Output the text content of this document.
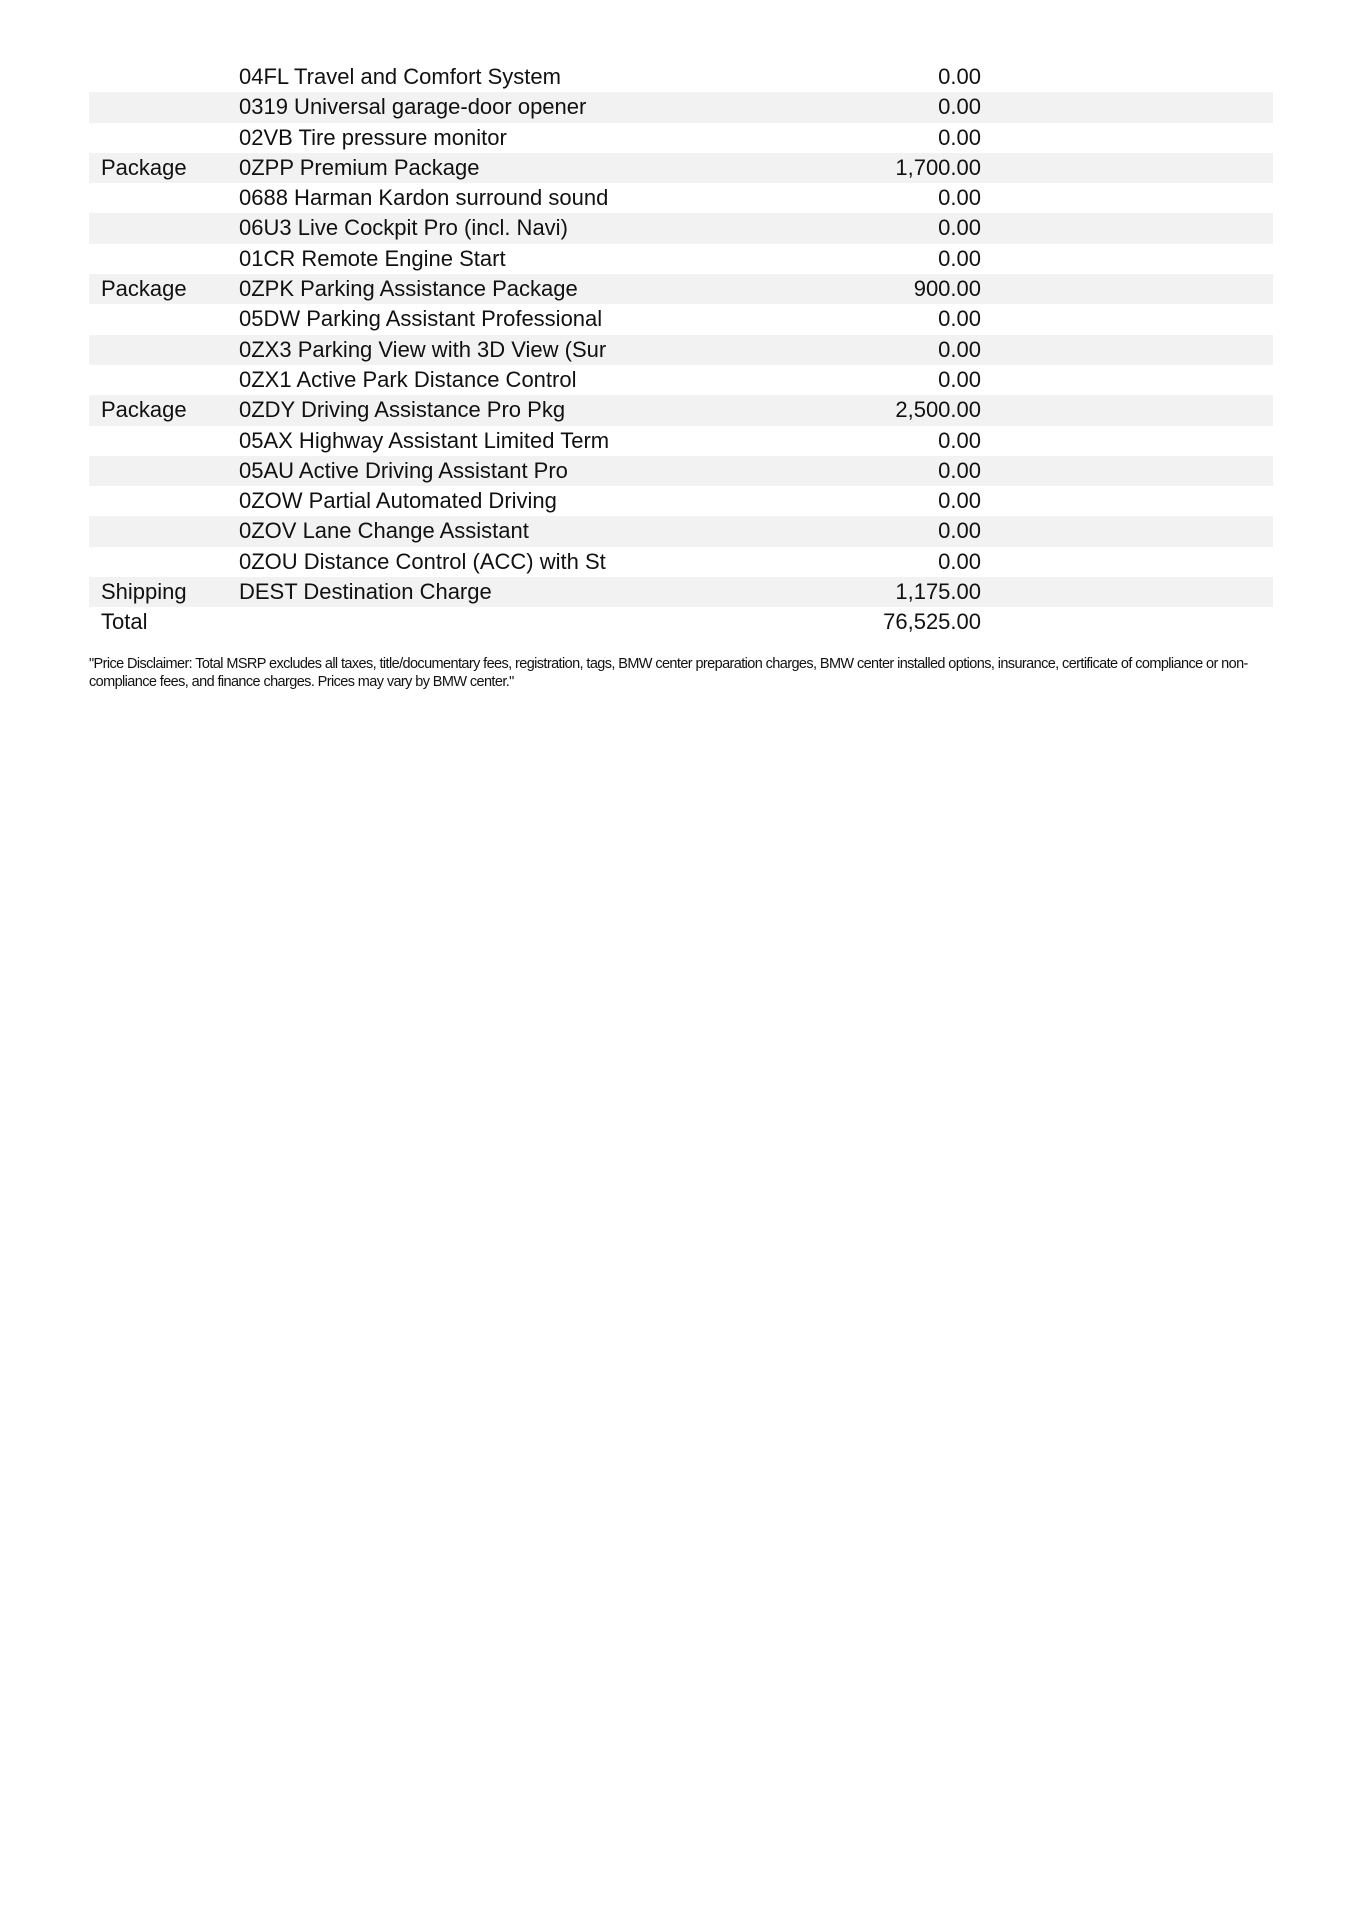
04FL Travel and Comfort System	0.00
0319 Universal garage-door opener	0.00
02VB Tire pressure monitor	0.00
Package 0ZPP Premium Package	1,700.00
0688 Harman Kardon surround sound	0.00
06U3 Live Cockpit Pro (incl. Navi)	0.00
01CR Remote Engine Start	0.00
Package 0ZPK Parking Assistance Package	900.00
05DW Parking Assistant Professional	0.00
0ZX3 Parking View with 3D View (Sur	0.00
0ZX1 Active Park Distance Control	0.00
Package 0ZDY Driving Assistance Pro Pkg	2,500.00
05AX Highway Assistant Limited Term	0.00
05AU Active Driving Assistant Pro	0.00
0ZOW Partial Automated Driving	0.00
0ZOV Lane Change Assistant	0.00
0ZOU Distance Control (ACC) with St	0.00
Shipping DEST Destination Charge	1,175.00
Total	76,525.00
"Price Disclaimer: Total MSRP excludes all taxes, title/documentary fees, registration, tags, BMW center preparation charges, BMW center installed options, insurance, certificate of compliance or non-compliance fees, and finance charges. Prices may vary by BMW center."
